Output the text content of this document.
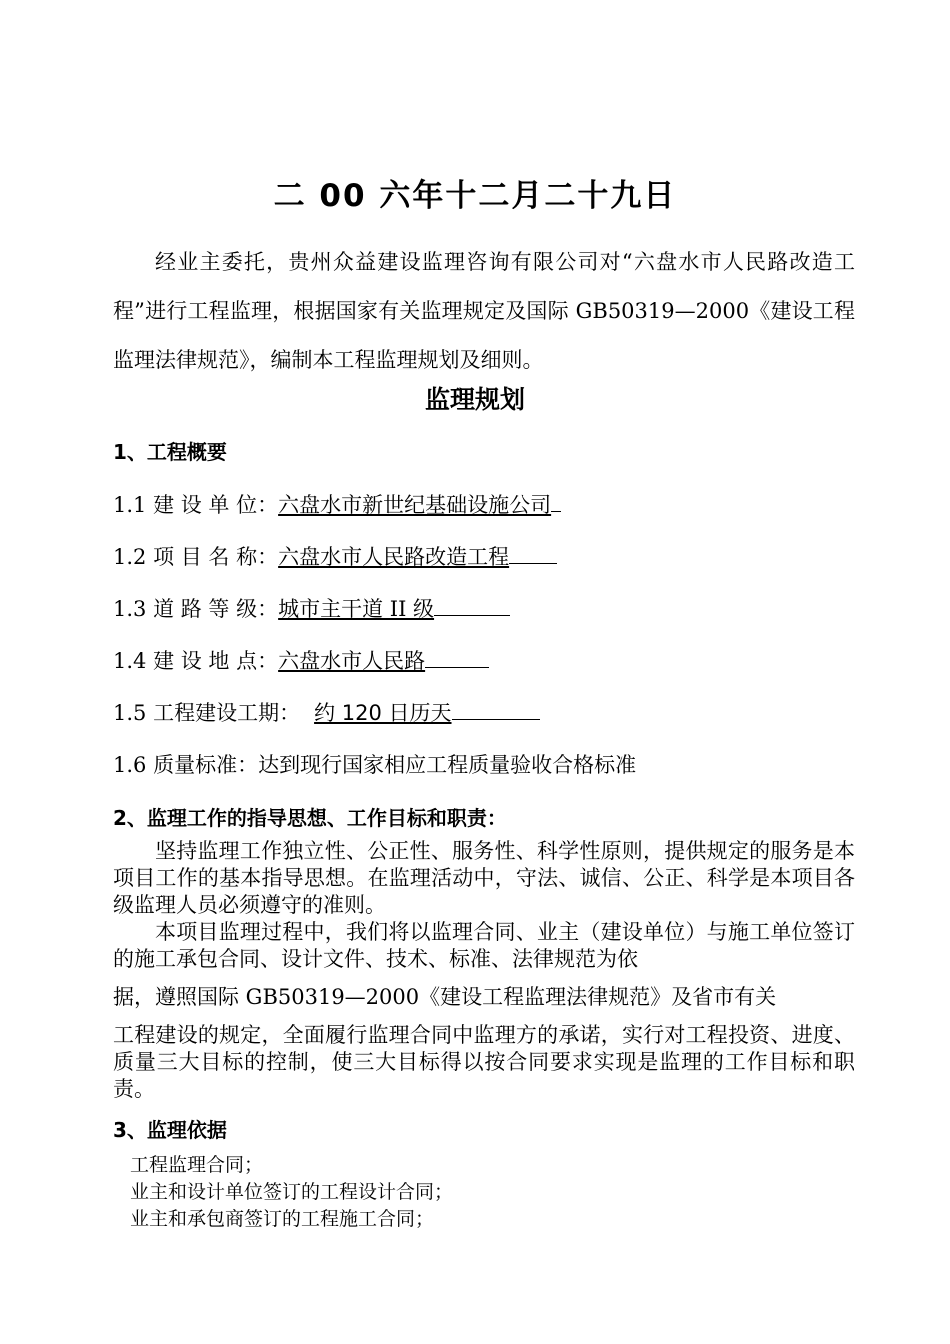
二 00 六年十二月二十九日
经业主委托，贵州众益建设监理咨询有限公司对“六盘水市人民路改造工程”进行工程监理，根据国家有关监理规定及国际 GB50319—2000《建设工程监理法律规范》，编制本工程监理规划及细则。
监理规划
1、工程概要
1.1 建 设 单 位：六盘水市新世纪基础设施公司
1.2 项 目 名 称：六盘水市人民路改造工程
1.3 道 路 等 级：城市主干道 II 级
1.4 建 设 地 点：六盘水市人民路
1.5 工程建设工期： 约 120 日历天
1.6 质量标准：达到现行国家相应工程质量验收合格标准
2、监理工作的指导思想、工作目标和职责：

坚持监理工作独立性、公正性、服务性、科学性原则，提供规定的服务是本项目工作的基本指导思想。在监理活动中，守法、诚信、公正、科学是本项目各级监理人员必须遵守的准则。

本项目监理过程中，我们将以监理合同、业主（建设单位）与施工单位签订的施工承包合同、设计文件、技术、标准、法律规范为依

据，遵照国际 GB50319—2000《建设工程监理法律规范》及省市有关

工程建设的规定，全面履行监理合同中监理方的承诺，实行对工程投资、进度、质量三大目标的控制，使三大目标得以按合同要求实现是监理的工作目标和职责。

3、监理依据
工程监理合同；
业主和设计单位签订的工程设计合同；
业主和承包商签订的工程施工合同；
